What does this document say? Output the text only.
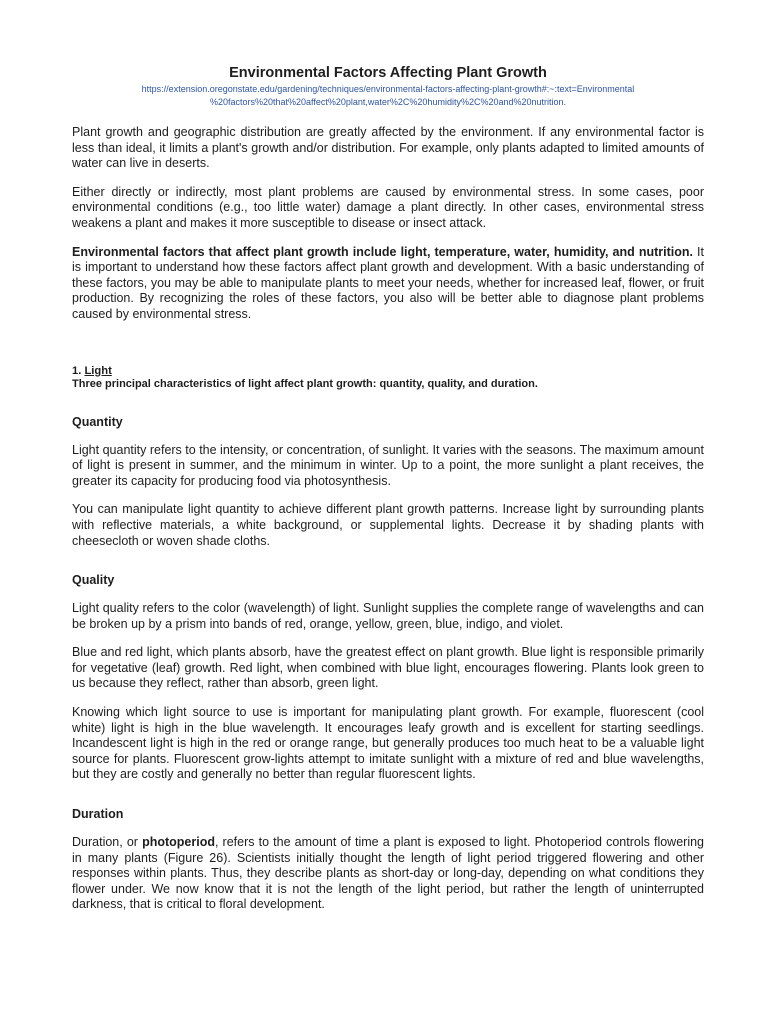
Environmental Factors Affecting Plant Growth
https://extension.oregonstate.edu/gardening/techniques/environmental-factors-affecting-plant-growth#:~:text=Environmental
%20factors%20that%20affect%20plant,water%2C%20humidity%2C%20and%20nutrition.

Plant growth and geographic distribution are greatly affected by the environment. If any environmental factor is less than ideal, it limits a plant's growth and/or distribution. For example, only plants adapted to limited amounts of water can live in deserts.

Either directly or indirectly, most plant problems are caused by environmental stress. In some cases, poor environmental conditions (e.g., too little water) damage a plant directly. In other cases, environmental stress weakens a plant and makes it more susceptible to disease or insect attack.

Environmental factors that affect plant growth include light, temperature, water, humidity, and nutrition. It is important to understand how these factors affect plant growth and development. With a basic understanding of these factors, you may be able to manipulate plants to meet your needs, whether for increased leaf, flower, or fruit production. By recognizing the roles of these factors, you also will be better able to diagnose plant problems caused by environmental stress.

1. Light

Three principal characteristics of light affect plant growth: quantity, quality, and duration.

Quantity

Light quantity refers to the intensity, or concentration, of sunlight. It varies with the seasons. The maximum amount of light is present in summer, and the minimum in winter. Up to a point, the more sunlight a plant receives, the greater its capacity for producing food via photosynthesis.

You can manipulate light quantity to achieve different plant growth patterns. Increase light by surrounding plants with reflective materials, a white background, or supplemental lights. Decrease it by shading plants with cheesecloth or woven shade cloths.

Quality

Light quality refers to the color (wavelength) of light. Sunlight supplies the complete range of wavelengths and can be broken up by a prism into bands of red, orange, yellow, green, blue, indigo, and violet.

Blue and red light, which plants absorb, have the greatest effect on plant growth. Blue light is responsible primarily for vegetative (leaf) growth. Red light, when combined with blue light, encourages flowering. Plants look green to us because they reflect, rather than absorb, green light.

Knowing which light source to use is important for manipulating plant growth. For example, fluorescent (cool white) light is high in the blue wavelength. It encourages leafy growth and is excellent for starting seedlings. Incandescent light is high in the red or orange range, but generally produces too much heat to be a valuable light source for plants. Fluorescent grow-lights attempt to imitate sunlight with a mixture of red and blue wavelengths, but they are costly and generally no better than regular fluorescent lights.

Duration

Duration, or photoperiod, refers to the amount of time a plant is exposed to light. Photoperiod controls flowering in many plants (Figure 26). Scientists initially thought the length of light period triggered flowering and other responses within plants. Thus, they describe plants as short-day or long-day, depending on what conditions they flower under. We now know that it is not the length of the light period, but rather the length of uninterrupted darkness, that is critical to floral development.
